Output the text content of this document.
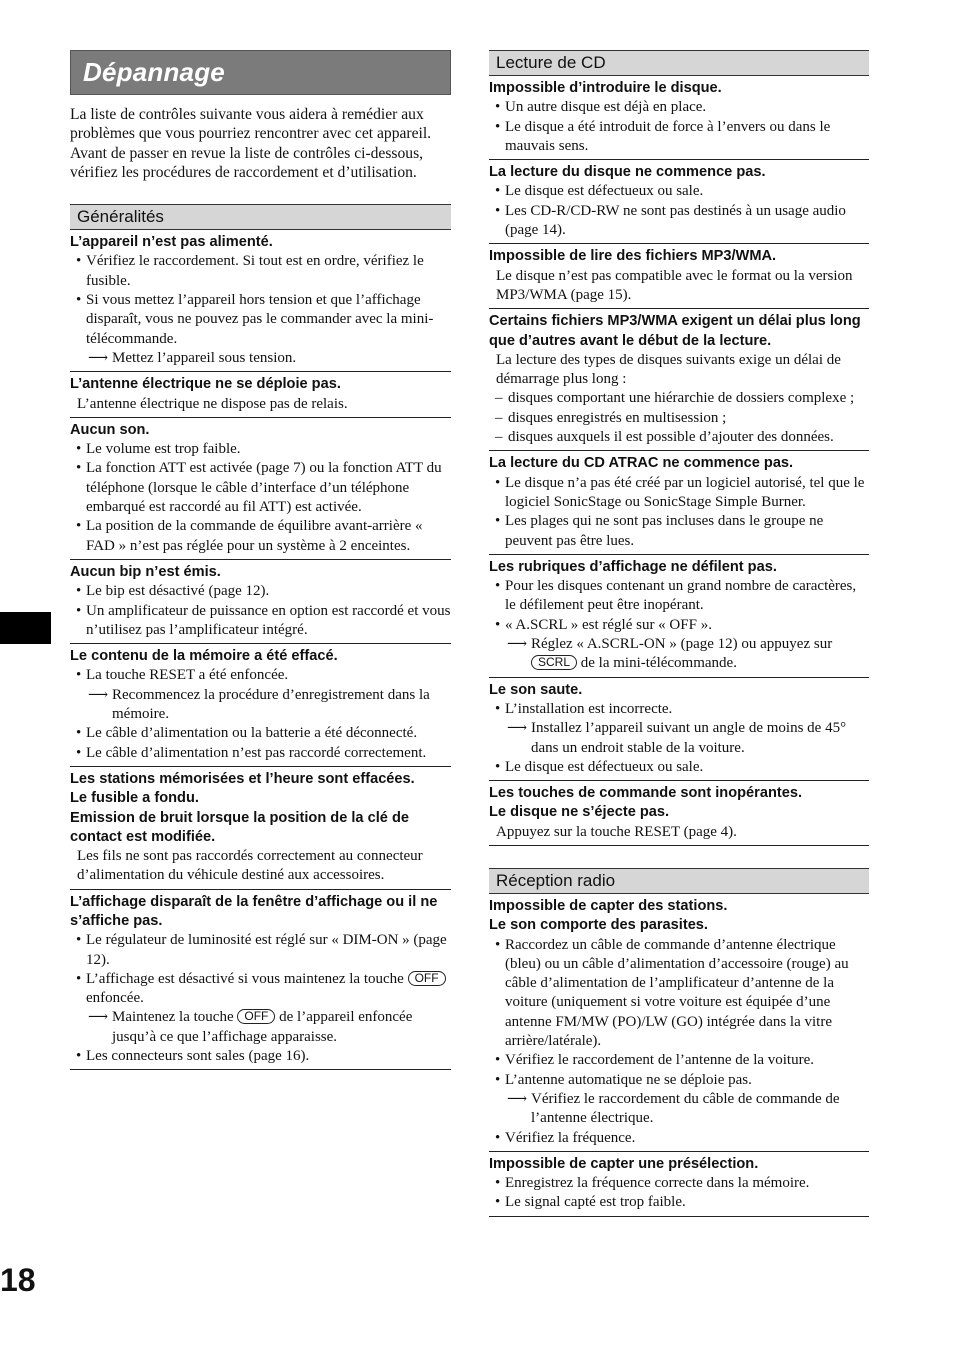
18
Dépannage

La liste de contrôles suivante vous aidera à remédier aux problèmes que vous pourriez rencontrer avec cet appareil.

Avant de passer en revue la liste de contrôles ci-dessous, vérifiez les procédures de raccordement et d’utilisation.

Généralités

L’appareil n’est pas alimenté.

• Vérifiez le raccordement. Si tout est en ordre, vérifiez le fusible.
• Si vous mettez l’appareil hors tension et que l’affichage disparaît, vous ne pouvez pas le commander avec la mini-télécommande.
⟶ Mettez l’appareil sous tension.

L’antenne électrique ne se déploie pas.

L’antenne électrique ne dispose pas de relais.

Aucun son.

• Le volume est trop faible.
• La fonction ATT est activée (page 7) ou la fonction ATT du téléphone (lorsque le câble d’interface d’un téléphone embarqué est raccordé au fil ATT) est activée.
• La position de la commande de équilibre avant-arrière « FAD » n’est pas réglée pour un système à 2 enceintes.

Aucun bip n’est émis.

• Le bip est désactivé (page 12).
• Un amplificateur de puissance en option est raccordé et vous n’utilisez pas l’amplificateur intégré.

Le contenu de la mémoire a été effacé.

• La touche RESET a été enfoncée.
⟶ Recommencez la procédure d’enregistrement dans la mémoire.
• Le câble d’alimentation ou la batterie a été déconnecté.
• Le câble d’alimentation n’est pas raccordé correctement.

Les stations mémorisées et l’heure sont effacées.

Le fusible a fondu.

Emission de bruit lorsque la position de la clé de contact est modifiée.

Les fils ne sont pas raccordés correctement au connecteur d’alimentation du véhicule destiné aux accessoires.

L’affichage disparaît de la fenêtre d’affichage ou il ne s’affiche pas.

• Le régulateur de luminosité est réglé sur « DIM-ON » (page 12).
• L’affichage est désactivé si vous maintenez la touche OFF enfoncée.
⟶ Maintenez la touche OFF de l’appareil enfoncée jusqu’à ce que l’affichage apparaisse.
• Les connecteurs sont sales (page 16).
Lecture de CD

Impossible d’introduire le disque.

• Un autre disque est déjà en place.
• Le disque a été introduit de force à l’envers ou dans le mauvais sens.

La lecture du disque ne commence pas.

• Le disque est défectueux ou sale.
• Les CD-R/CD-RW ne sont pas destinés à un usage audio (page 14).

Impossible de lire des fichiers MP3/WMA.

Le disque n’est pas compatible avec le format ou la version MP3/WMA (page 15).

Certains fichiers MP3/WMA exigent un délai plus long que d’autres avant le début de la lecture.

La lecture des types de disques suivants exige un délai de démarrage plus long :

– disques comportant une hiérarchie de dossiers complexe ;
– disques enregistrés en multisession ;
– disques auxquels il est possible d’ajouter des données.

La lecture du CD ATRAC ne commence pas.

• Le disque n’a pas été créé par un logiciel autorisé, tel que le logiciel SonicStage ou SonicStage Simple Burner.
• Les plages qui ne sont pas incluses dans le groupe ne peuvent pas être lues.

Les rubriques d’affichage ne défilent pas.

• Pour les disques contenant un grand nombre de caractères, le défilement peut être inopérant.
• « A.SCRL » est réglé sur « OFF ».
⟶ Réglez « A.SCRL-ON » (page 12) ou appuyez sur SCRL de la mini-télécommande.

Le son saute.

• L’installation est incorrecte.
⟶ Installez l’appareil suivant un angle de moins de 45° dans un endroit stable de la voiture.
• Le disque est défectueux ou sale.

Les touches de commande sont inopérantes.

Le disque ne s’éjecte pas.

Appuyez sur la touche RESET (page 4).

Réception radio

Impossible de capter des stations.

Le son comporte des parasites.

• Raccordez un câble de commande d’antenne électrique (bleu) ou un câble d’alimentation d’accessoire (rouge) au câble d’alimentation de l’amplificateur d’antenne de la voiture (uniquement si votre voiture est équipée d’une antenne FM/MW (PO)/LW (GO) intégrée dans la vitre arrière/latérale).
• Vérifiez le raccordement de l’antenne de la voiture.
• L’antenne automatique ne se déploie pas.
⟶ Vérifiez le raccordement du câble de commande de l’antenne électrique.
• Vérifiez la fréquence.

Impossible de capter une présélection.

• Enregistrez la fréquence correcte dans la mémoire.
• Le signal capté est trop faible.
